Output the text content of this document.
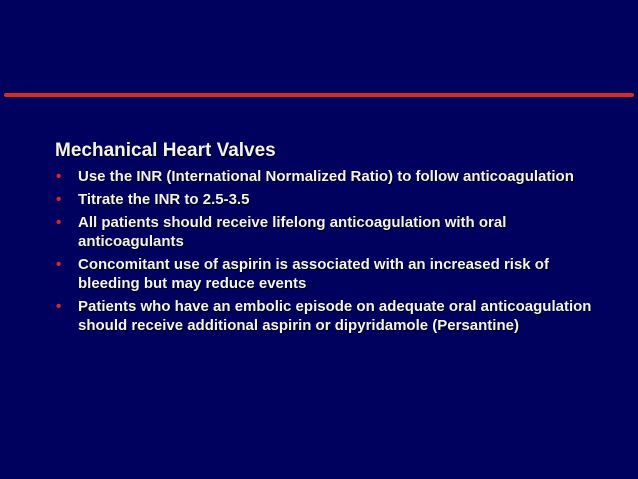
Mechanical Heart Valves
• Use the INR (International Normalized Ratio) to follow anticoagulation
• Titrate the INR to 2.5-3.5
• All patients should receive lifelong anticoagulation with oral anticoagulants
• Concomitant use of aspirin is associated with an increased risk of bleeding but may reduce events
• Patients who have an embolic episode on adequate oral anticoagulation should receive additional aspirin or dipyridamole (Persantine)
